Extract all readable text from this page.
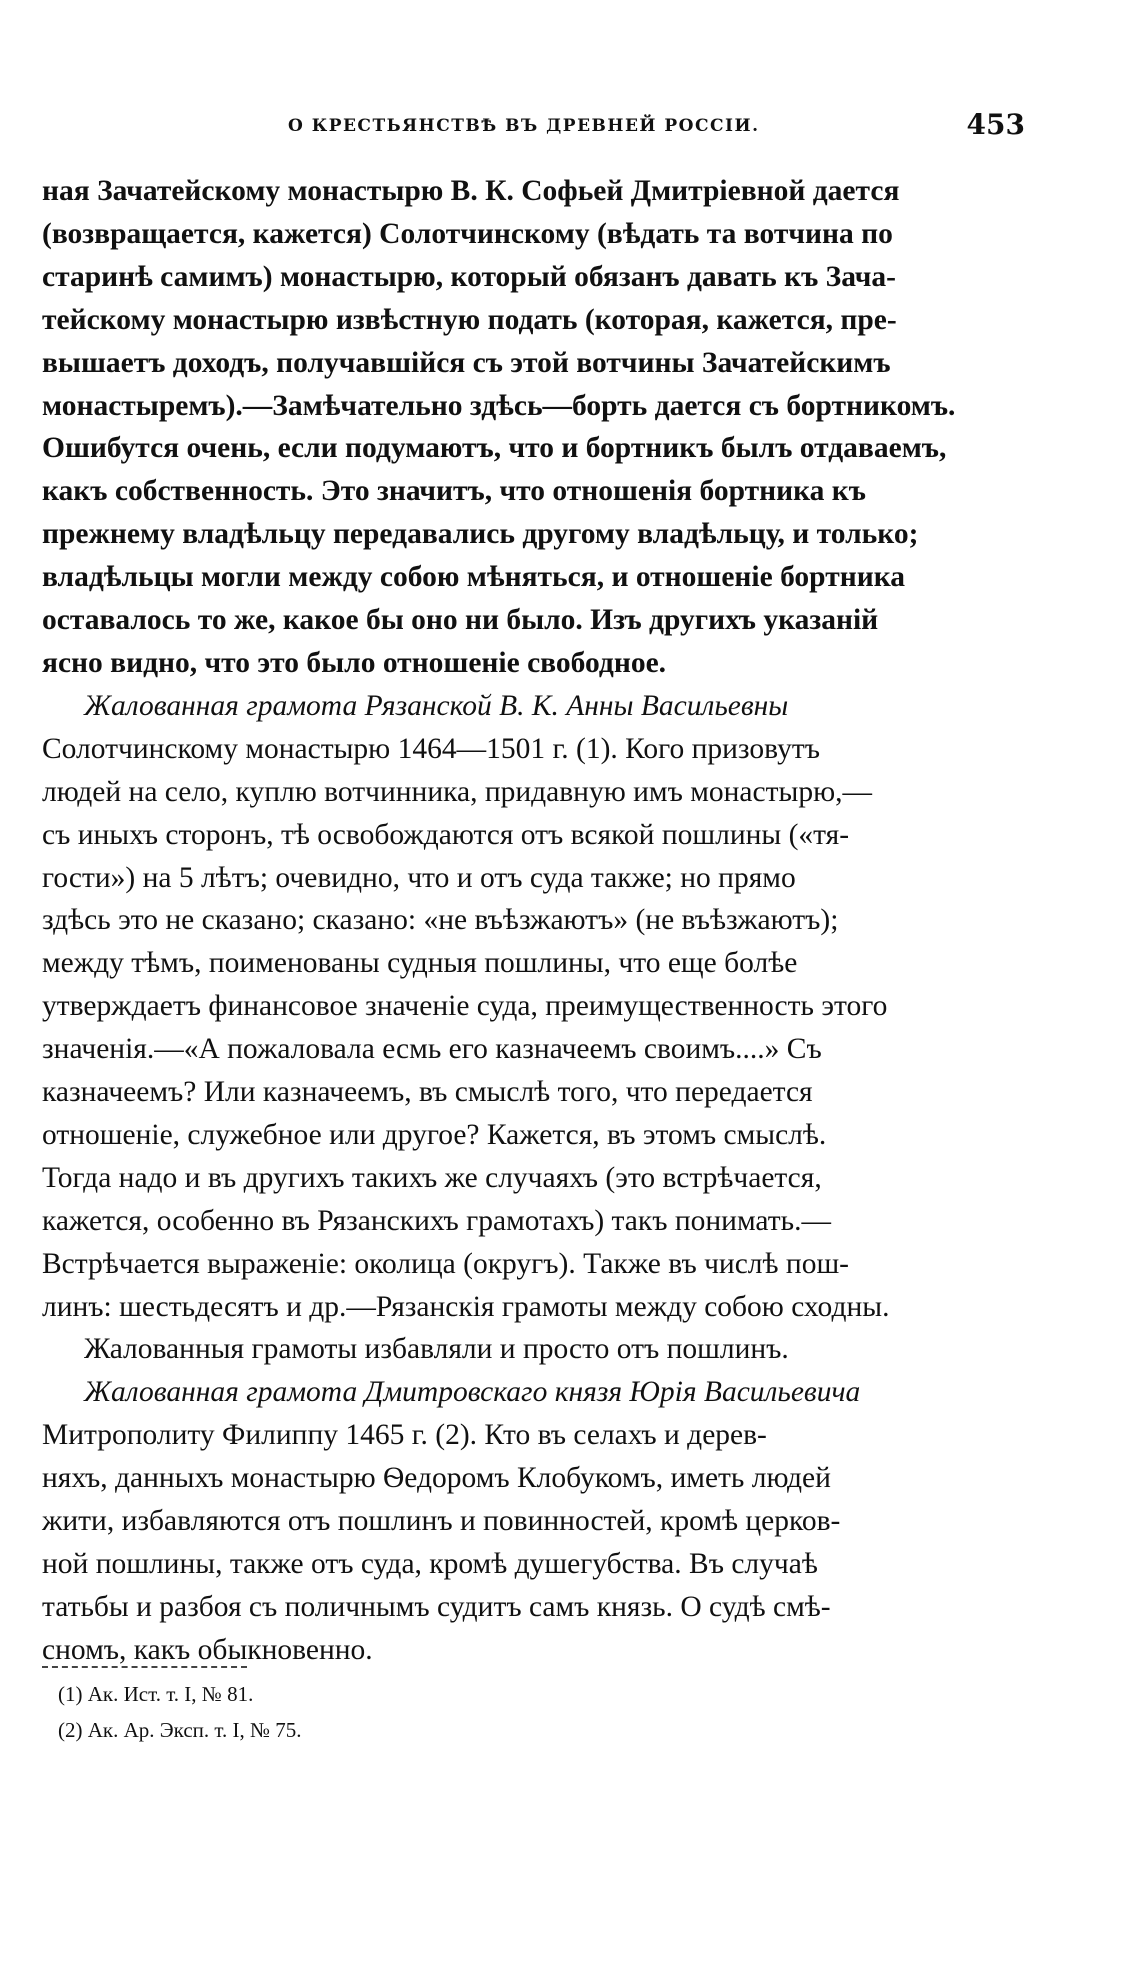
О КРЕСТЬЯНСТВѢ ВЪ ДРЕВНЕЙ РОССІИ.	453

ная Зачатейскому монастырю В. К. Софьей Дмитріевной дается
(возвращается, кажется) Солотчинскому (вѣдать та вотчина по
старинѣ самимъ) монастырю, который обязанъ давать къ Зача-
тейскому монастырю извѣстную подать (которая, кажется, пре-
вышаетъ доходъ, получавшійся съ этой вотчины Зачатейскимъ
монастыремъ).—Замѣчательно здѣсь—борть дается съ бортникомъ.
Ошибутся очень, если подумаютъ, что и бортникъ былъ отдаваемъ,
какъ собственность. Это значитъ, что отношенія бортника къ
прежнему владѣльцу передавались другому владѣльцу, и только;
владѣльцы могли между собою мѣняться, и отношеніе бортника
оставалось то же, какое бы оно ни было. Изъ другихъ указаній
ясно видно, что это было отношеніе свободное.

Жалованная грамота Рязанской В. К. Анны Васильевны
Солотчинскому монастырю 1464—1501 г. (1). Кого призовутъ
людей на село, куплю вотчинника, придавную имъ монастырю,—
съ иныхъ сторонъ, тѣ освобождаются отъ всякой пошлины («тя-
гости») на 5 лѣтъ; очевидно, что и отъ суда также; но прямо
здѣсь это не сказано; сказано: «не въѣзжаютъ» (не въѣзжаютъ);
между тѣмъ, поименованы судныя пошлины, что еще болѣе
утверждаетъ финансовое значеніе суда, преимущественность этого
значенія.—«А пожаловала есмь его казначеемъ своимъ....» Съ
казначеемъ? Или казначеемъ, въ смыслѣ того, что передается
отношеніе, служебное или другое? Кажется, въ этомъ смыслѣ.
Тогда надо и въ другихъ такихъ же случаяхъ (это встрѣчается,
кажется, особенно въ Рязанскихъ грамотахъ) такъ понимать.—
Встрѣчается выраженіе: околица (округъ). Также въ числѣ пош-
линъ: шестьдесятъ и др.—Рязанскія грамоты между собою сходны.

Жалованныя грамоты избавляли и просто отъ пошлинъ.

Жалованная грамота Дмитровскаго князя Юрія Васильевича
Митрополиту Филиппу 1465 г. (2). Кто въ селахъ и дерев-
няхъ, данныхъ монастырю Ѳедоромъ Клобукомъ, иметь людей
жити, избавляются отъ пошлинъ и повинностей, кромѣ церков-
ной пошлины, также отъ суда, кромѣ душегубства. Въ случаѣ
татьбы и разбоя съ поличнымъ судитъ самъ князь. О судѣ смѣ-
сномъ, какъ обыкновенно.

(1) Ак. Ист. т. I, № 81.
(2) Ак. Ар. Эксп. т. I, № 75.
